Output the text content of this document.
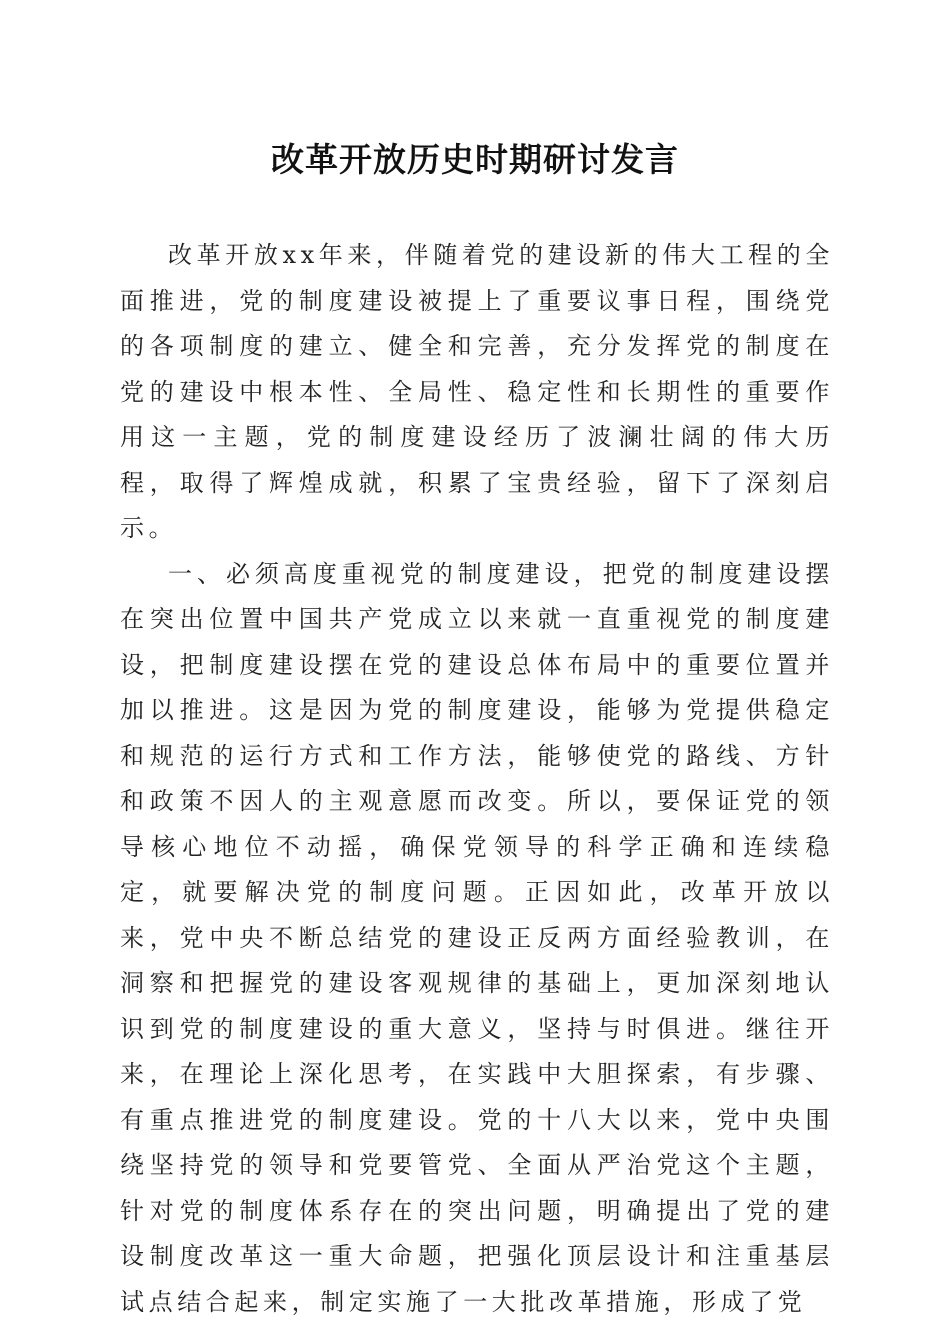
改革开放历史时期研讨发言

改革开放xx年来，伴随着党的建设新的伟大工程的全面推进，党的制度建设被提上了重要议事日程，围绕党的各项制度的建立、健全和完善，充分发挥党的制度在党的建设中根本性、全局性、稳定性和长期性的重要作用这一主题，党的制度建设经历了波澜壮阔的伟大历程，取得了辉煌成就，积累了宝贵经验，留下了深刻启示。

一、必须高度重视党的制度建设，把党的制度建设摆在突出位置中国共产党成立以来就一直重视党的制度建设，把制度建设摆在党的建设总体布局中的重要位置并加以推进。这是因为党的制度建设，能够为党提供稳定和规范的运行方式和工作方法，能够使党的路线、方针和政策不因人的主观意愿而改变。所以，要保证党的领导核心地位不动摇，确保党领导的科学正确和连续稳定，就要解决党的制度问题。正因如此，改革开放以来，党中央不断总结党的建设正反两方面经验教训，在洞察和把握党的建设客观规律的基础上，更加深刻地认识到党的制度建设的重大意义，坚持与时俱进。继往开来，在理论上深化思考，在实践中大胆探索，有步骤、有重点推进党的制度建设。党的十八大以来，党中央围绕坚持党的领导和党要管党、全面从严治党这个主题，针对党的制度体系存在的突出问题，明确提出了党的建设制度改革这一重大命题，把强化顶层设计和注重基层试点结合起来，制定实施了一大批改革措施，形成了党
